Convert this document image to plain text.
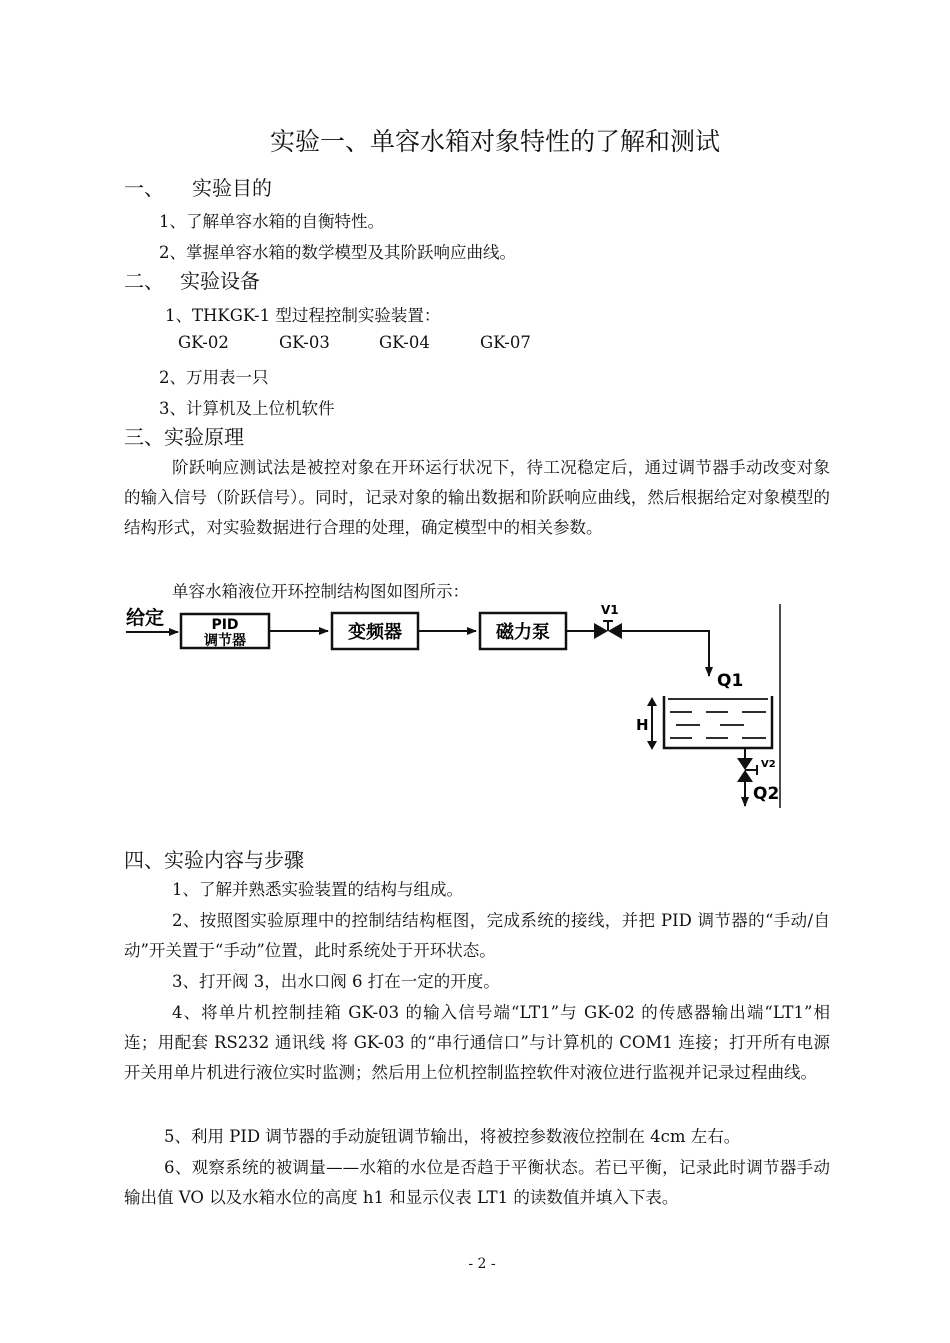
实验一、单容水箱对象特性的了解和测试
一、 实验目的
1、了解单容水箱的自衡特性。
2、掌握单容水箱的数学模型及其阶跃响应曲线。
二、 实验设备
1、THKGK-1 型过程控制实验装置：
GK-02	GK-03	GK-04	GK-07
2、万用表一只
3、计算机及上位机软件
三、实验原理
阶跃响应测试法是被控对象在开环运行状况下，待工况稳定后，通过调节器手动改变对象的输入信号（阶跃信号）。同时，记录对象的输出数据和阶跃响应曲线，然后根据给定对象模型的结构形式，对实验数据进行合理的处理，确定模型中的相关参数。
单容水箱液位开环控制结构图如图所示：
给定	PID
调节器	变频器	磁力泵
V1
Q1
H
V2
Q2
四、实验内容与步骤
1、了解并熟悉实验装置的结构与组成。
2、按照图实验原理中的控制结结构框图，完成系统的接线，并把 PID 调节器的“手动/自动”开关置于“手动”位置，此时系统处于开环状态。
3、打开阀 3，出水口阀 6 打在一定的开度。
4、将单片机控制挂箱 GK-03 的输入信号端“LT1”与 GK-02 的传感器输出端“LT1”相连；用配套 RS232 通讯线 将 GK-03 的“串行通信口”与计算机的 COM1 连接；打开所有电源开关用单片机进行液位实时监测；然后用上位机控制监控软件对液位进行监视并记录过程曲线。
5、利用 PID 调节器的手动旋钮调节输出，将被控参数液位控制在 4cm 左右。
6、观察系统的被调量——水箱的水位是否趋于平衡状态。若已平衡，记录此时调节器手动输出值 VO 以及水箱水位的高度 h1 和显示仪表 LT1 的读数值并填入下表。
- 2 -
